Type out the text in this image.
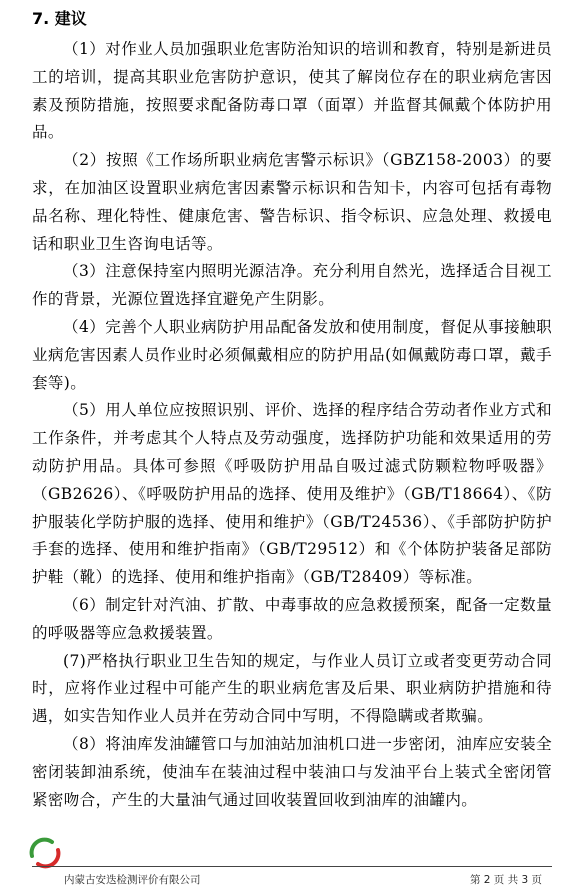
7. 建议

（1）对作业人员加强职业危害防治知识的培训和教育，特别是新进员工的培训，提高其职业危害防护意识，使其了解岗位存在的职业病危害因素及预防措施，按照要求配备防毒口罩（面罩）并监督其佩戴个体防护用品。

（2）按照《工作场所职业病危害警示标识》（GBZ158-2003）的要求，在加油区设置职业病危害因素警示标识和告知卡，内容可包括有毒物品名称、理化特性、健康危害、警告标识、指令标识、应急处理、救援电话和职业卫生咨询电话等。

（3）注意保持室内照明光源洁净。充分利用自然光，选择适合目视工作的背景，光源位置选择宜避免产生阴影。

（4）完善个人职业病防护用品配备发放和使用制度，督促从事接触职业病危害因素人员作业时必须佩戴相应的防护用品(如佩戴防毒口罩，戴手套等)。

（5）用人单位应按照识别、评价、选择的程序结合劳动者作业方式和工作条件，并考虑其个人特点及劳动强度，选择防护功能和效果适用的劳动防护用品。具体可参照《呼吸防护用品自吸过滤式防颗粒物呼吸器》（GB2626）、《呼吸防护用品的选择、使用及维护》（GB/T18664）、《防护服装化学防护服的选择、使用和维护》（GB/T24536）、《手部防护防护手套的选择、使用和维护指南》（GB/T29512）和《个体防护装备足部防护鞋（靴）的选择、使用和维护指南》（GB/T28409）等标准。

（6）制定针对汽油、扩散、中毒事故的应急救援预案，配备一定数量的呼吸器等应急救援装置。

(7)严格执行职业卫生告知的规定，与作业人员订立或者变更劳动合同时，应将作业过程中可能产生的职业病危害及后果、职业病防护措施和待遇，如实告知作业人员并在劳动合同中写明，不得隐瞒或者欺骗。

（8）将油库发油罐管口与加油站加油机口进一步密闭，油库应安装全密闭装卸油系统，使油车在装油过程中装油口与发油平台上装式全密闭管紧密吻合，产生的大量油气通过回收装置回收到油库的油罐内。

内蒙古安迭检测评价有限公司	第 2 页 共 3 页
